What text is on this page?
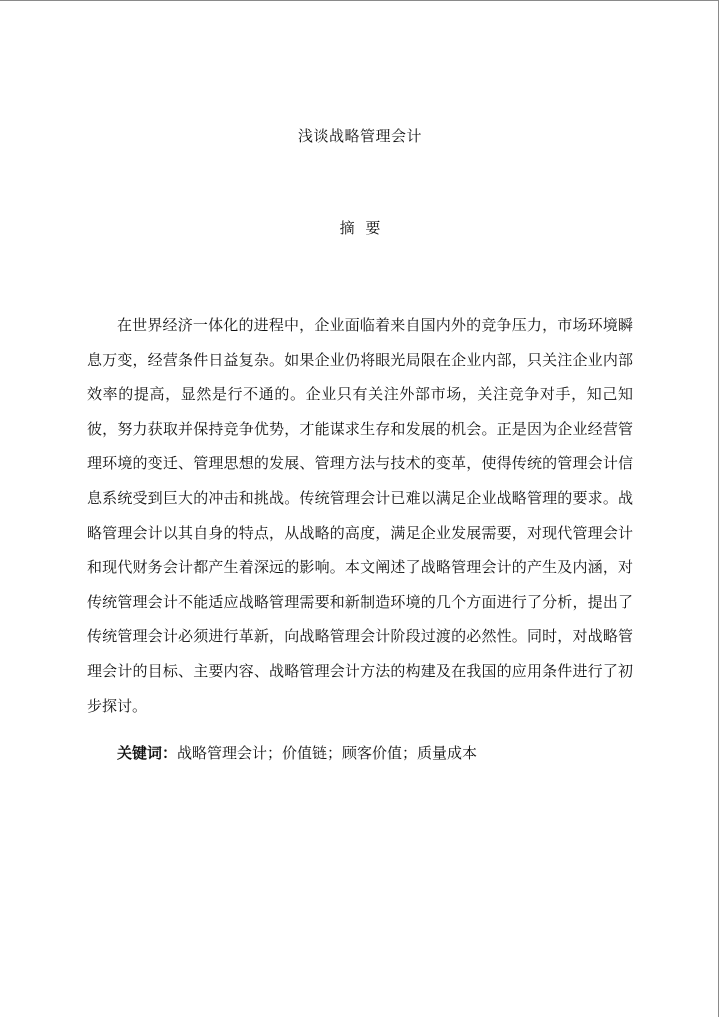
浅谈战略管理会计
摘 要

在世界经济一体化的进程中，企业面临着来自国内外的竞争压力，市场环境瞬息万变，经营条件日益复杂。如果企业仍将眼光局限在企业内部，只关注企业内部效率的提高，显然是行不通的。企业只有关注外部市场，关注竞争对手，知己知彼，努力获取并保持竞争优势，才能谋求生存和发展的机会。正是因为企业经营管理环境的变迁、管理思想的发展、管理方法与技术的变革，使得传统的管理会计信息系统受到巨大的冲击和挑战。传统管理会计已难以满足企业战略管理的要求。战略管理会计以其自身的特点，从战略的高度，满足企业发展需要，对现代管理会计和现代财务会计都产生着深远的影响。本文阐述了战略管理会计的产生及内涵，对传统管理会计不能适应战略管理需要和新制造环境的几个方面进行了分析，提出了传统管理会计必须进行革新，向战略管理会计阶段过渡的必然性。同时，对战略管理会计的目标、主要内容、战略管理会计方法的构建及在我国的应用条件进行了初步探讨。

关键词：战略管理会计；价值链；顾客价值；质量成本
